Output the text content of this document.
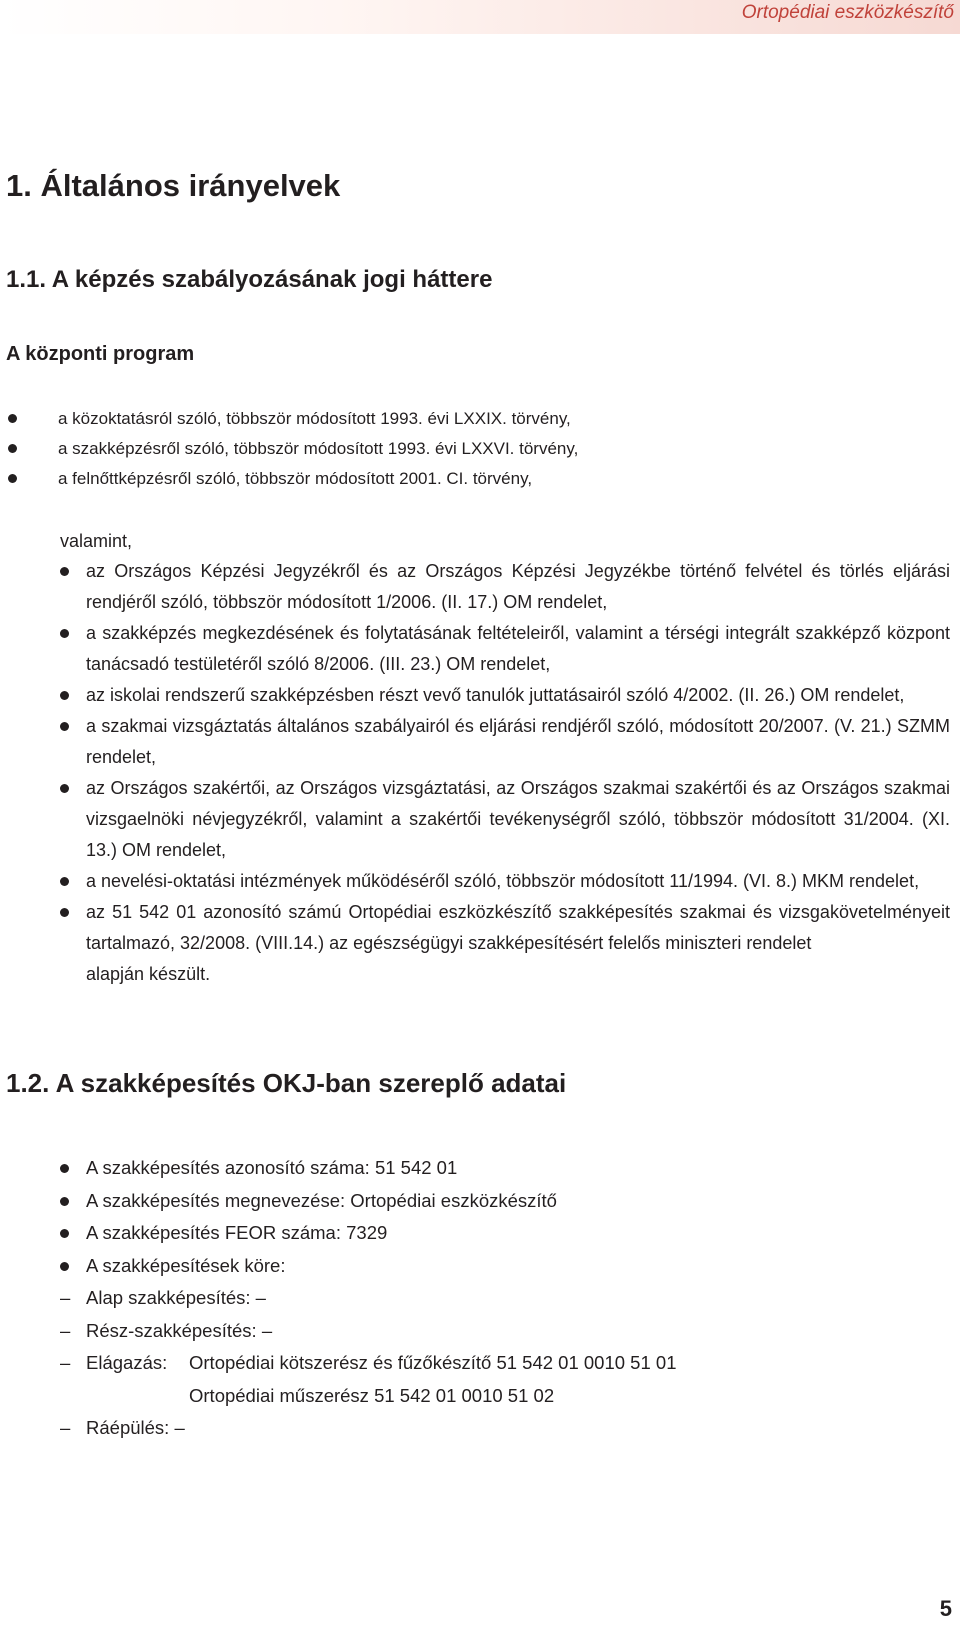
Ortopédiai eszközkészítő
1. Általános irányelvek
1.1. A képzés szabályozásának jogi háttere
A központi program
a közoktatásról szóló, többször módosított 1993. évi LXXIX. törvény,
a szakképzésről szóló, többször módosított 1993. évi LXXVI. törvény,
a felnőttképzésről szóló, többször módosított 2001. CI. törvény,
valamint,
az Országos Képzési Jegyzékről és az Országos Képzési Jegyzékbe történő felvétel és törlés eljárási rendjéről szóló, többször módosított 1/2006. (II. 17.) OM rendelet,
a szakképzés megkezdésének és folytatásának feltételeiről, valamint a térségi integrált szakképző központ tanácsadó testületéről szóló 8/2006. (III. 23.) OM rendelet,
az iskolai rendszerű szakképzésben részt vevő tanulók juttatásairól szóló 4/2002. (II. 26.) OM rendelet,
a szakmai vizsgáztatás általános szabályairól és eljárási rendjéről szóló, módosított 20/2007. (V. 21.) SZMM rendelet,
az Országos szakértői, az Országos vizsgáztatási, az Országos szakmai szakértői és az Országos szakmai vizsgaelnöki névjegyzékről, valamint a szakértői tevékenységről szóló, többször módosított 31/2004. (XI. 13.) OM rendelet,
a nevelési-oktatási intézmények működéséről szóló, többször módosított 11/1994. (VI. 8.) MKM rendelet,
az 51 542 01 azonosító számú Ortopédiai eszközkészítő szakképesítés szakmai és vizsgakövetelményeit tartalmazó, 32/2008. (VIII.14.) az egészségügyi szakképesítésért felelős miniszteri rendelet
alapján készült.
1.2. A szakképesítés OKJ-ban szereplő adatai
A szakképesítés azonosító száma: 51 542 01
A szakképesítés megnevezése: Ortopédiai eszközkészítő
A szakképesítés FEOR száma: 7329
A szakképesítések köre:
– Alap szakképesítés: –
– Rész-szakképesítés: –
– Elágazás:	Ortopédiai kötszerész és fűzőkészítő 51 542 01 0010 51 01
Ortopédiai műszerész 51 542 01 0010 51 02
– Ráépülés: –
5
